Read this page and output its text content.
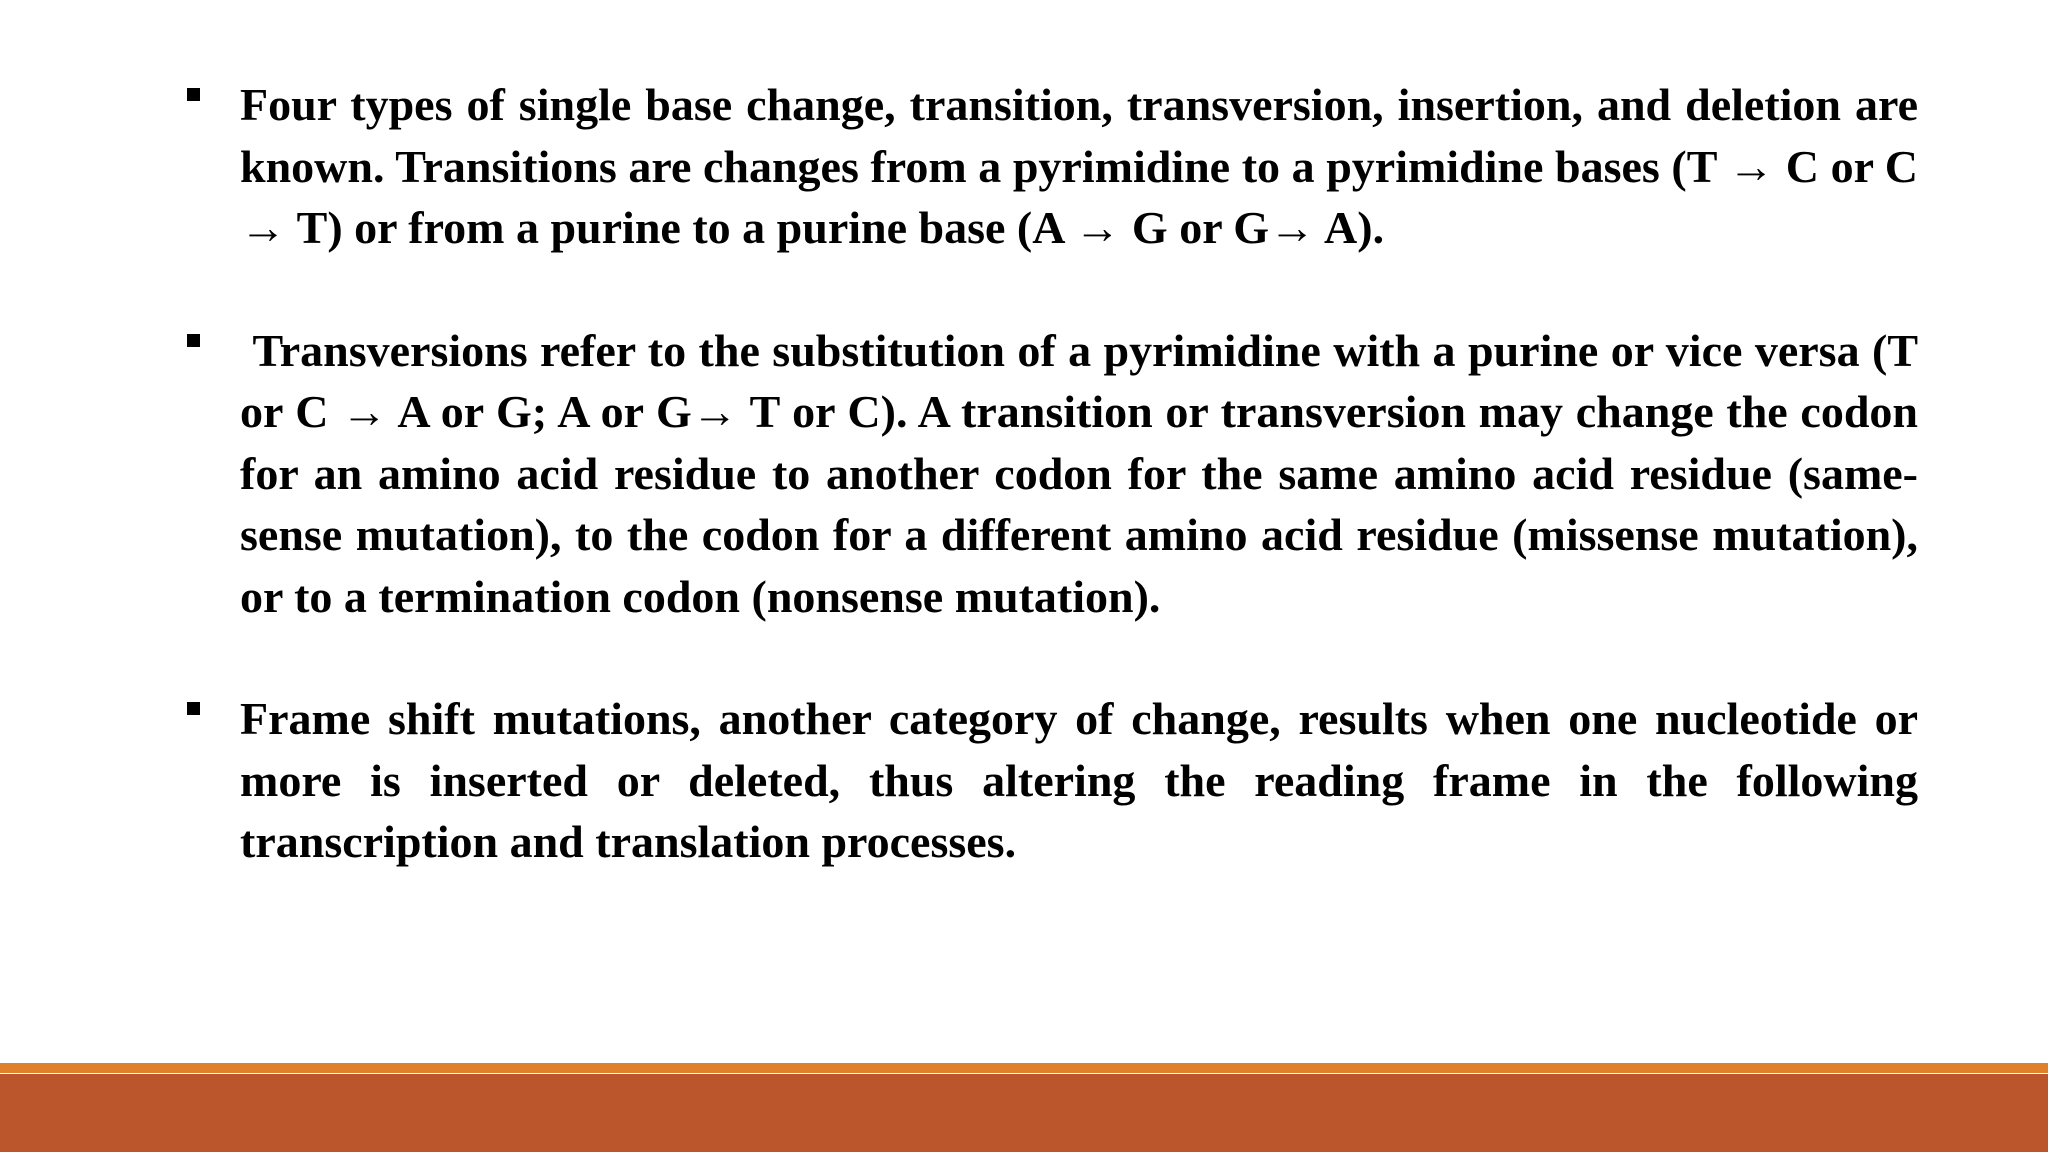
Four types of single base change, transition, transversion, insertion, and deletion are known. Transitions are changes from a pyrimidine to a pyrimidine bases (T → C or C → T) or from a purine to a purine base (A → G or G→ A).

Transversions refer to the substitution of a pyrimidine with a purine or vice versa (T or C → A or G; A or G→ T or C). A transition or transversion may change the codon for an amino acid residue to another codon for the same amino acid residue (same-sense mutation), to the codon for a different amino acid residue (missense mutation), or to a termination codon (nonsense mutation).

Frame shift mutations, another category of change, results when one nucleotide or more is inserted or deleted, thus altering the reading frame in the following transcription and translation processes.
